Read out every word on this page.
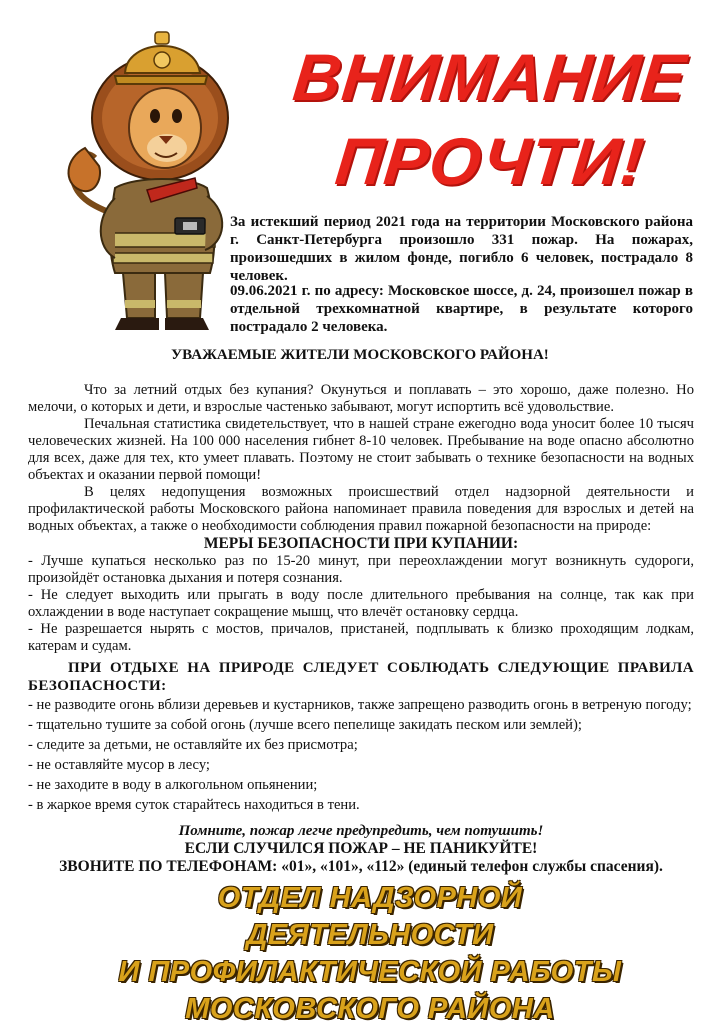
ВНИМАНИЕ
ПРОЧТИ!
За истекший период 2021 года на территории Московского района г. Санкт-Петербурга произошло 331 пожар. На пожарах, произошедших в жилом фонде, погибло 6 человек, пострадало 8 человек.
09.06.2021 г. по адресу: Московское шоссе, д. 24, произошел пожар в отдельной трехкомнатной квартире, в результате которого пострадало 2 человека.
УВАЖАЕМЫЕ ЖИТЕЛИ МОСКОВСКОГО РАЙОНА!

Что за летний отдых без купания? Окунуться и поплавать – это хорошо, даже полезно. Но мелочи, о которых и дети, и взрослые частенько забывают, могут испортить всё удовольствие.

Печальная статистика свидетельствует, что в нашей стране ежегодно вода уносит более 10 тысяч человеческих жизней. На 100 000 населения гибнет 8-10 человек. Пребывание на воде опасно абсолютно для всех, даже для тех, кто умеет плавать. Поэтому не стоит забывать о технике безопасности на водных объектах и оказании первой помощи!

В целях недопущения возможных происшествий отдел надзорной деятельности и профилактической работы Московского района напоминает правила поведения для взрослых и детей на водных объектах, а также о необходимости соблюдения правил пожарной безопасности на природе:

МЕРЫ БЕЗОПАСНОСТИ ПРИ КУПАНИИ:

- Лучше купаться несколько раз по 15-20 минут, при переохлаждении могут возникнуть судороги, произойдёт остановка дыхания и потеря сознания.

- Не следует выходить или прыгать в воду после длительного пребывания на солнце, так как при охлаждении в воде наступает сокращение мышц, что влечёт остановку сердца.

- Не разрешается нырять с мостов, причалов, пристаней, подплывать к близко проходящим лодкам, катерам и судам.

ПРИ ОТДЫХЕ НА ПРИРОДЕ СЛЕДУЕТ СОБЛЮДАТЬ СЛЕДУЮЩИЕ ПРАВИЛА БЕЗОПАСНОСТИ:

- не разводите огонь вблизи деревьев и кустарников, также запрещено разводить огонь в ветреную погоду;

- тщательно тушите за собой огонь (лучше всего пепелище закидать песком или землей);

- следите за детьми, не оставляйте их без присмотра;

- не оставляйте мусор в лесу;

- не заходите в воду в алкогольном опьянении;

- в жаркое время суток старайтесь находиться в тени.

Помните, пожар легче предупредить, чем потушить!

ЕСЛИ СЛУЧИЛСЯ ПОЖАР – НЕ ПАНИКУЙТЕ!

ЗВОНИТЕ ПО ТЕЛЕФОНАМ: «01», «101», «112» (единый телефон службы спасения).

ОТДЕЛ НАДЗОРНОЙ ДЕЯТЕЛЬНОСТИ
И ПРОФИЛАКТИЧЕСКОЙ РАБОТЫ
МОСКОВСКОГО РАЙОНА
